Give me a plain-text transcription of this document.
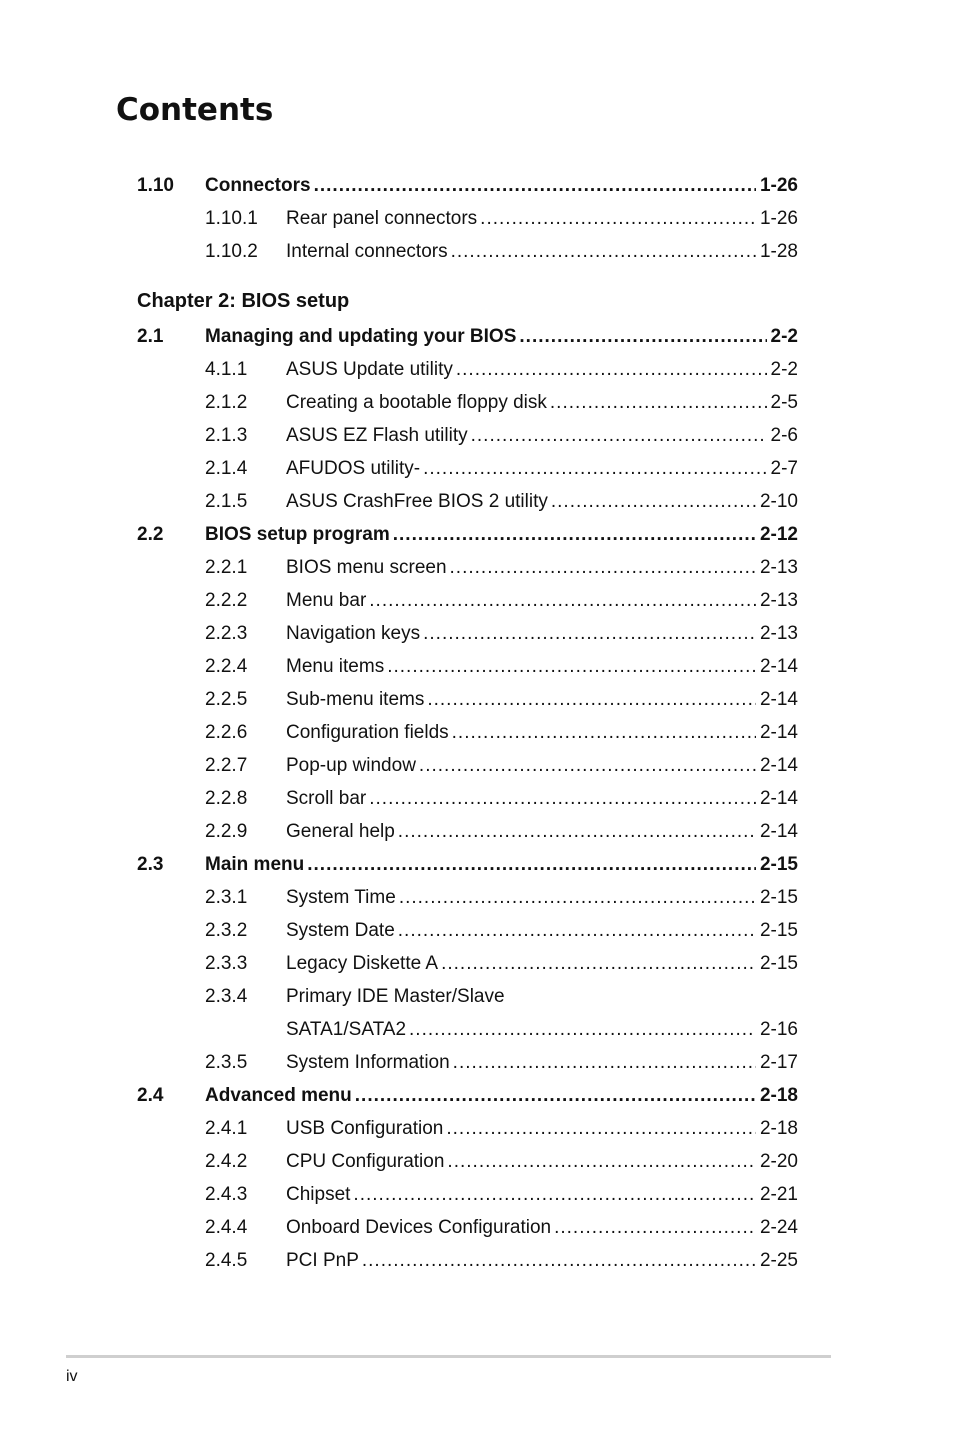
Contents
1.10 Connectors .....	1-26
1.10.1 Rear panel connectors .....	1-26
1.10.2 Internal connectors .....	1-28
Chapter 2: BIOS setup
2.1 Managing and updating your BIOS .....	2-2
4.1.1 ASUS Update utility .....	2-2
2.1.2 Creating a bootable floppy disk .....	2-5
2.1.3 ASUS EZ Flash utility .....	2-6
2.1.4 AFUDOS utility- .....	2-7
2.1.5 ASUS CrashFree BIOS 2 utility .....	2-10
2.2 BIOS setup program .....	2-12
2.2.1 BIOS menu screen .....	2-13
2.2.2 Menu bar .....	2-13
2.2.3 Navigation keys .....	2-13
2.2.4 Menu items .....	2-14
2.2.5 Sub-menu items .....	2-14
2.2.6 Configuration fields .....	2-14
2.2.7 Pop-up window .....	2-14
2.2.8 Scroll bar .....	2-14
2.2.9 General help .....	2-14
2.3 Main menu .....	2-15
2.3.1 System Time .....	2-15
2.3.2 System Date .....	2-15
2.3.3 Legacy Diskette A .....	2-15
2.3.4 Primary IDE Master/Slave
SATA1/SATA2 .....	2-16
2.3.5 System Information .....	2-17
2.4 Advanced menu .....	2-18
2.4.1 USB Configuration .....	2-18
2.4.2 CPU Configuration .....	2-20
2.4.3 Chipset .....	2-21
2.4.4 Onboard Devices Configuration .....	2-24
2.4.5 PCI PnP .....	2-25
iv
